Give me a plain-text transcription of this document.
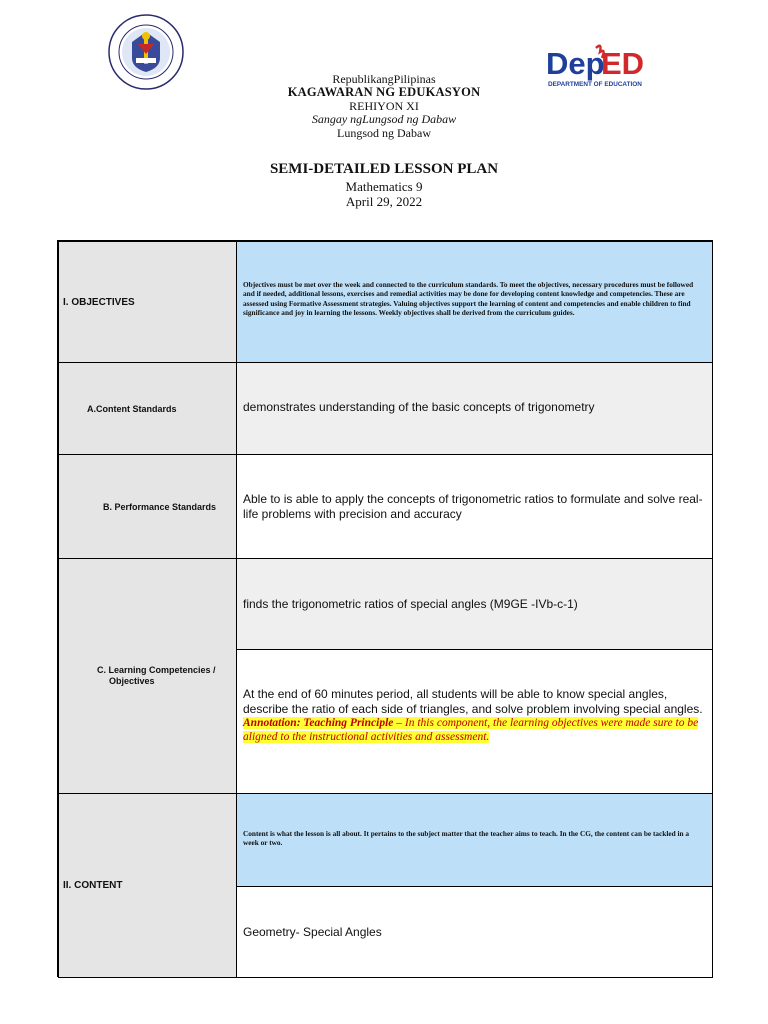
Dep
ED
DEPARTMENT OF EDUCATION
RepublikangPilipinas
KAGAWARAN NG EDUKASYON
REHIYON XI
Sangay ngLungsod ng Dabaw
Lungsod ng Dabaw
SEMI-DETAILED LESSON PLAN
Mathematics 9
April 29, 2022
I. OBJECTIVES
Objectives must be met over the week and connected to the curriculum standards. To meet the objectives, necessary procedures must be followed and if needed, additional lessons, exercises and remedial activities may be done for developing content knowledge and competencies. These are assessed using Formative Assessment strategies. Valuing objectives support the learning of content and competencies and enable children to find significance and joy in learning the lessons. Weekly objectives shall be derived from the curriculum guides.
A.Content Standards	demonstrates understanding of the basic concepts of trigonometry
B. Performance Standards
Able to is able to apply the concepts of trigonometric ratios to formulate and solve real-life problems with precision and accuracy
C. Learning Competencies /
Objectives
finds the trigonometric ratios of special angles (M9GE -IVb-c-1)
At the end of 60 minutes period, all students will be able to know special angles, describe the ratio of each side of triangles, and solve problem involving special angles.
Annotation: Teaching Principle – In this component, the learning objectives were made sure to be aligned to the instructional activities and assessment.
II. CONTENT
Content is what the lesson is all about. It pertains to the subject matter that the teacher aims to teach. In the CG, the content can be tackled in a week or two.
Geometry- Special Angles
